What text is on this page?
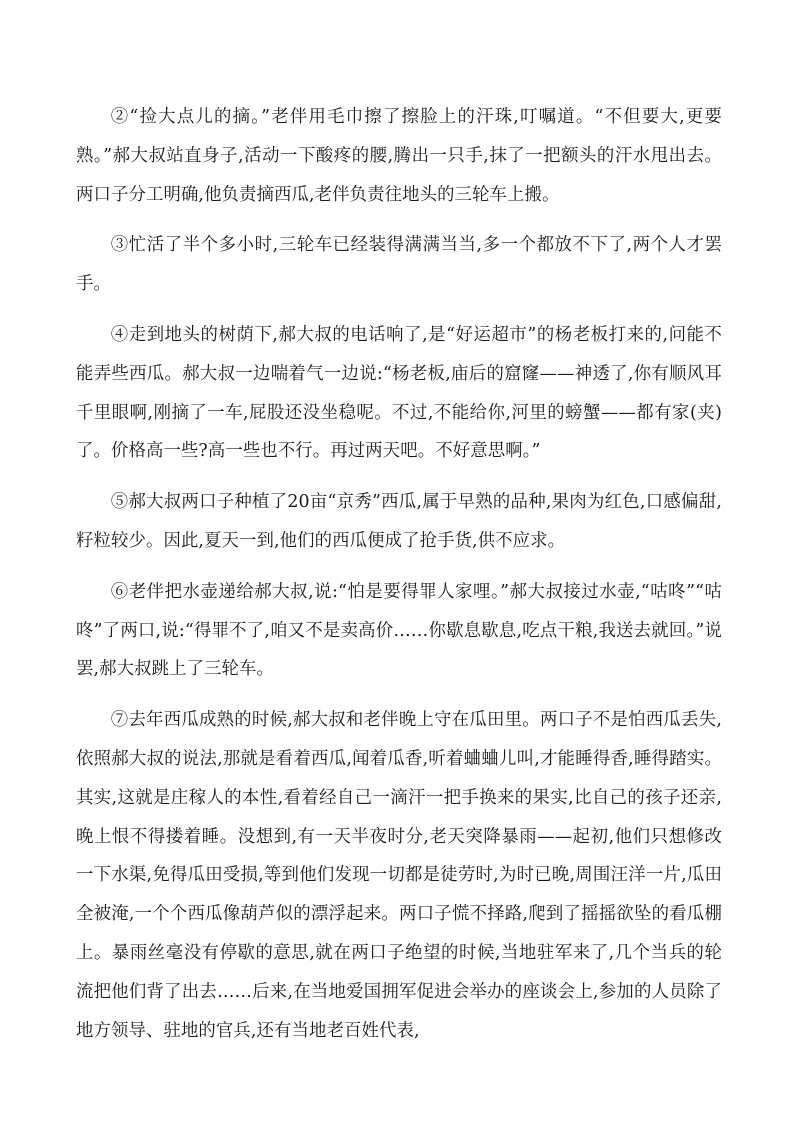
②“捡大点儿的摘。”老伴用毛巾擦了擦脸上的汗珠,叮嘱道。“不但要大,更要熟。”郝大叔站直身子,活动一下酸疼的腰,腾出一只手,抹了一把额头的汗水甩出去。两口子分工明确,他负责摘西瓜,老伴负责往地头的三轮车上搬。

③忙活了半个多小时,三轮车已经装得满满当当,多一个都放不下了,两个人才罢手。

④走到地头的树荫下,郝大叔的电话响了,是“好运超市”的杨老板打来的,问能不能弄些西瓜。郝大叔一边喘着气一边说:“杨老板,庙后的窟窿——神透了,你有顺风耳千里眼啊,刚摘了一车,屁股还没坐稳呢。不过,不能给你,河里的螃蟹——都有家(夹)了。价格高一些?高一些也不行。再过两天吧。不好意思啊。”

⑤郝大叔两口子种植了20亩“京秀”西瓜,属于早熟的品种,果肉为红色,口感偏甜,籽粒较少。因此,夏天一到,他们的西瓜便成了抢手货,供不应求。

⑥老伴把水壶递给郝大叔,说:“怕是要得罪人家哩。”郝大叔接过水壶,“咕咚”“咕咚”了两口,说:“得罪不了,咱又不是卖高价……你歇息歇息,吃点干粮,我送去就回。”说罢,郝大叔跳上了三轮车。

⑦去年西瓜成熟的时候,郝大叔和老伴晚上守在瓜田里。两口子不是怕西瓜丢失,依照郝大叔的说法,那就是看着西瓜,闻着瓜香,听着蛐蛐儿叫,才能睡得香,睡得踏实。其实,这就是庄稼人的本性,看着经自己一滴汗一把手换来的果实,比自己的孩子还亲,晚上恨不得搂着睡。没想到,有一天半夜时分,老天突降暴雨——起初,他们只想修改一下水渠,免得瓜田受损,等到他们发现一切都是徒劳时,为时已晚,周围汪洋一片,瓜田全被淹,一个个西瓜像葫芦似的漂浮起来。两口子慌不择路,爬到了摇摇欲坠的看瓜棚上。暴雨丝毫没有停歇的意思,就在两口子绝望的时候,当地驻军来了,几个当兵的轮流把他们背了出去……后来,在当地爱国拥军促进会举办的座谈会上,参加的人员除了地方领导、驻地的官兵,还有当地老百姓代表,
